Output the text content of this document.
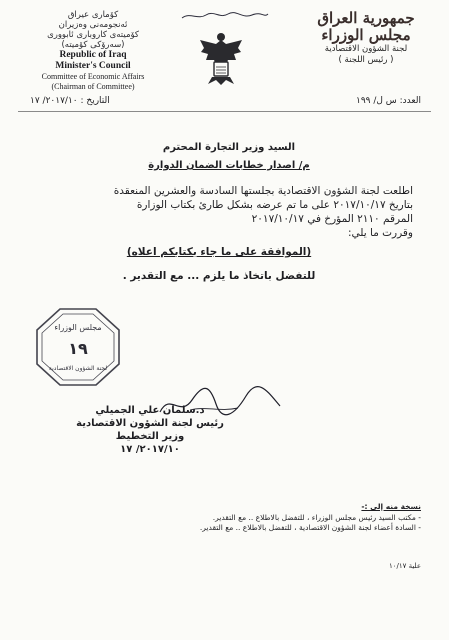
کۆماری عیراق
ئەنجومەنی وەزیران
کۆمیتەی کاروباری ئابووری
(سەرۆکی کۆمیتە)
Republic of Iraq
Minister's Council
Committee of Economic Affairs
(Chairman of Committee)
جمهورية العراق
مجلس الوزراء
لجنة الشؤون الاقتصادية
( رئيس اللجنة )
التاريخ : ٢٠١٧/١٠/ ١٧	العدد: س ل/ ١٩٩
السيد وزير التجارة المحترم
م/ اصدار خطابات الضمان الدوارة
اطلعت لجنة الشؤون الاقتصادية بجلستها السادسة والعشرين المنعقدة
بتاريخ ٢٠١٧/١٠/١٧ على ما تم عرضه بشكل طارئ بكتاب الوزارة
المرقم ٢١١٠ المؤرخ في ٢٠١٧/١٠/١٧
وقررت ما يلي:
(الموافقة على ما جاء بكتابكم اعلاه)
للتفضل باتخاذ ما يلزم ... مع التقدير .
مجلس الوزراء
١٩
لجنة الشؤون الاقتصادية
د.سلمان علي الجميلي
رئيس لجنة الشؤون الاقتصادية
وزير التخطيط
٢٠١٧/١٠/ ١٧
نسخة منه إلى :-
- مكتب السيد رئيس مجلس الوزراء ، للتفضل بالاطلاع .. مع التقدير.
- السادة أعضاء لجنة الشؤون الاقتصادية ، للتفضل بالاطلاع .. مع التقدير.
علية ١٠/١٧
